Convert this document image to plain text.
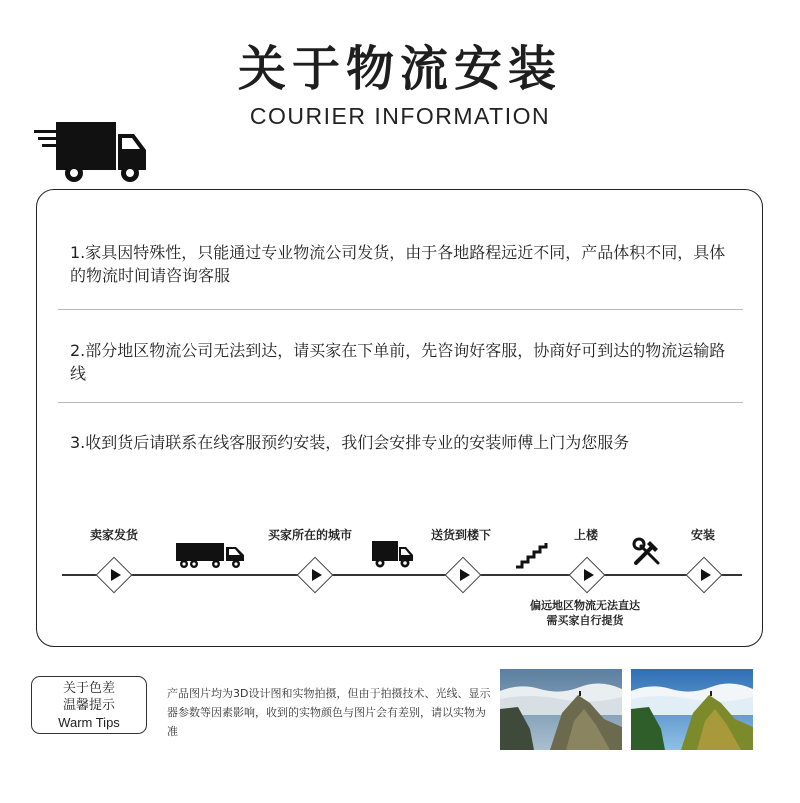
关于物流安装
COURIER INFORMATION
1.家具因特殊性，只能通过专业物流公司发货，由于各地路程远近不同，产品体积不同，具体的物流时间请咨询客服
2.部分地区物流公司无法到达，请买家在下单前，先咨询好客服，协商好可到达的物流运输路线
3.收到货后请联系在线客服预约安装，我们会安排专业的安装师傅上门为您服务
卖家发货	买家所在的城市	送货到楼下	上楼	安装
偏远地区物流无法直达
需买家自行提货
关于色差
温馨提示
Warm Tips
产品图片均为3D设计图和实物拍摄，但由于拍摄技术、光线、显示器参数等因素影响，收到的实物颜色与图片会有差别，请以实物为准
